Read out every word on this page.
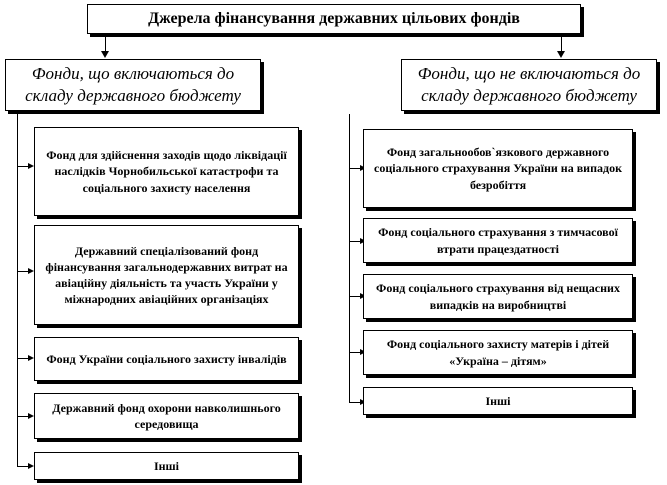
Джерела фінансування державних цільових фондів
Фонди, що включаються до складу державного бюджету
Фонди, що не включаються до складу державного бюджету
Фонд для здійснення заходів щодо ліквідації наслідків Чорнобильської катастрофи та соціального захисту населення
Державний спеціалізований фонд фінансування загальнодержавних витрат на авіаційну діяльність та участь України у міжнародних авіаційних організаціях
Фонд України соціального захисту інвалідів
Державний фонд охорони навколишнього середовища
Інші
Фонд загальнообов`язкового державного соціального страхування України на випадок безробіття
Фонд соціального страхування з тимчасової втрати працездатності
Фонд соціального страхування від нещасних випадків на виробництві
Фонд соціального захисту матерів і дітей «Україна – дітям»
Інші
